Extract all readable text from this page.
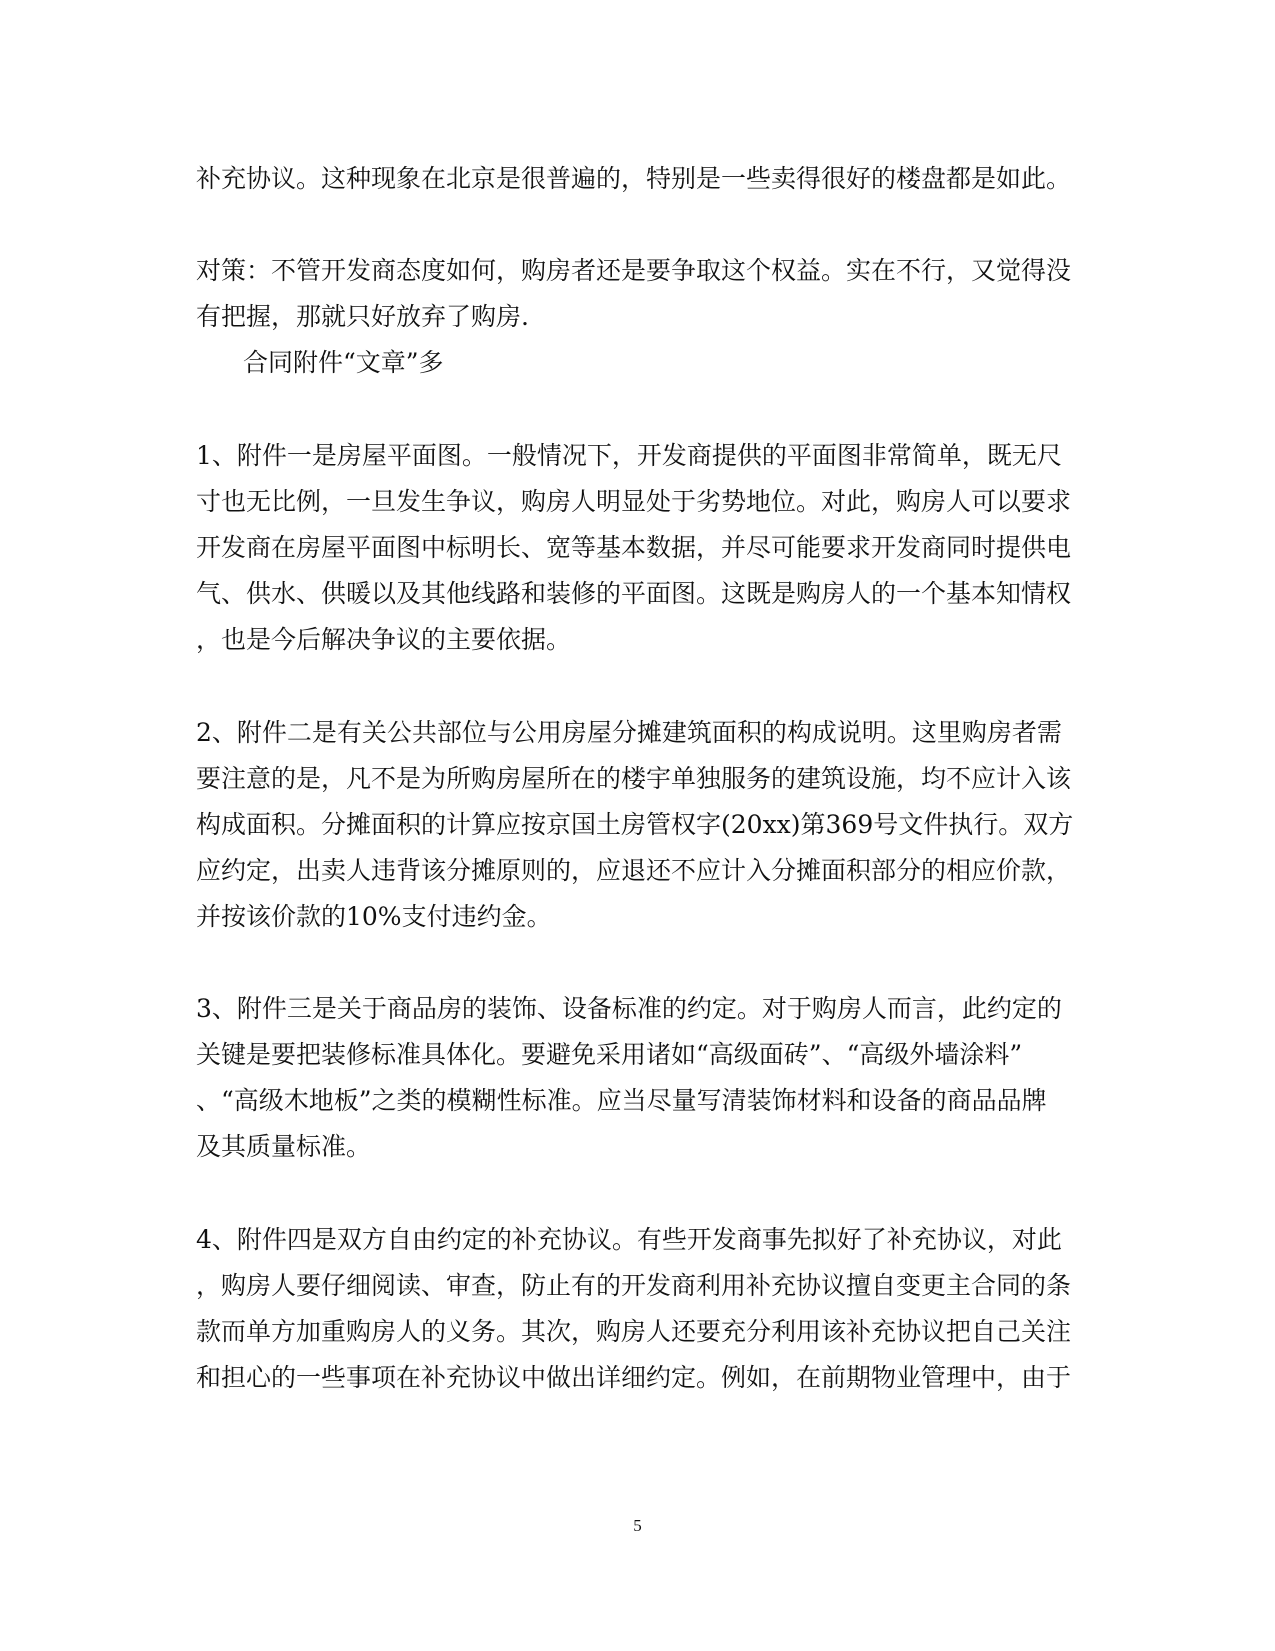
补充协议。这种现象在北京是很普遍的，特别是一些卖得很好的楼盘都是如此。
对策：不管开发商态度如何，购房者还是要争取这个权益。实在不行，又觉得没
有把握，那就只好放弃了购房.
合同附件“文章”多
1、附件一是房屋平面图。一般情况下，开发商提供的平面图非常简单，既无尺
寸也无比例，一旦发生争议，购房人明显处于劣势地位。对此，购房人可以要求
开发商在房屋平面图中标明长、宽等基本数据，并尽可能要求开发商同时提供电
气、供水、供暖以及其他线路和装修的平面图。这既是购房人的一个基本知情权
，也是今后解决争议的主要依据。
2、附件二是有关公共部位与公用房屋分摊建筑面积的构成说明。这里购房者需
要注意的是，凡不是为所购房屋所在的楼宇单独服务的建筑设施，均不应计入该
构成面积。分摊面积的计算应按京国土房管权字(20xx)第369号文件执行。双方
应约定，出卖人违背该分摊原则的，应退还不应计入分摊面积部分的相应价款，
并按该价款的10%支付违约金。
3、附件三是关于商品房的装饰、设备标准的约定。对于购房人而言，此约定的
关键是要把装修标准具体化。要避免采用诸如“高级面砖”、“高级外墙涂料”
、“高级木地板”之类的模糊性标准。应当尽量写清装饰材料和设备的商品品牌
及其质量标准。
4、附件四是双方自由约定的补充协议。有些开发商事先拟好了补充协议，对此
，购房人要仔细阅读、审查，防止有的开发商利用补充协议擅自变更主合同的条
款而单方加重购房人的义务。其次，购房人还要充分利用该补充协议把自己关注
和担心的一些事项在补充协议中做出详细约定。例如，在前期物业管理中，由于
5
